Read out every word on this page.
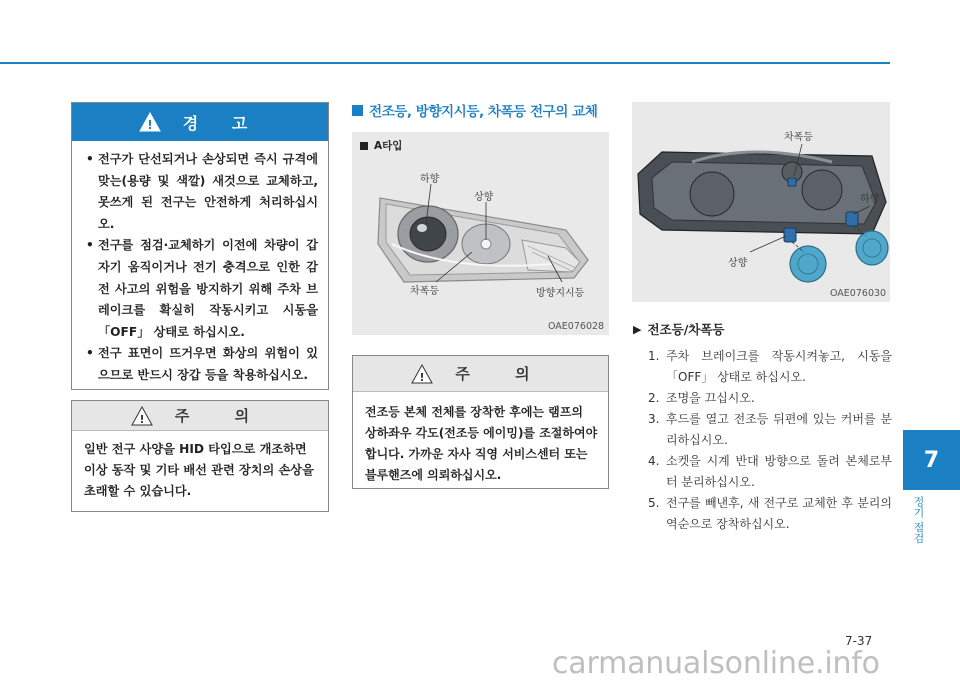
! 경 고
• 전구가 단선되거나 손상되면 즉시 규격에 맞는(용량 및 색깔) 새것으로 교체하고, 못쓰게 된 전구는 안전하게 처리하십시오.
• 전구를 점검·교체하기 이전에 차량이 갑자기 움직이거나 전기 충격으로 인한 감전 사고의 위험을 방지하기 위해 주차 브레이크를 확실히 작동시키고 시동을 「OFF」 상태로 하십시오.
• 전구 표면이 뜨거우면 화상의 위험이 있으므로 반드시 장갑 등을 착용하십시오.
! 주 의
일반 전구 사양을 HID 타입으로 개조하면 이상 동작 및 기타 배선 관련 장치의 손상을 초래할 수 있습니다.
전조등, 방향지시등, 차폭등 전구의 교체
A타입
하향
상향
차폭등	방향지시등
OAE076028
! 주 의
전조등 본체 전체를 장착한 후에는 램프의 상하좌우 각도(전조등 에이밍)를 조절하여야 합니다. 가까운 자사 직영 서비스센터 또는 블루핸즈에 의뢰하십시오.
차폭등
하향
상향
OAE076030
▶ 전조등/차폭등
1. 주차 브레이크를 작동시켜놓고, 시동을 「OFF」 상태로 하십시오.
2. 조명을 끄십시오.
3. 후드를 열고 전조등 뒤편에 있는 커버를 분리하십시오.
4. 소켓을 시계 반대 방향으로 돌려 본체로부터 분리하십시오.
5. 전구를 빼낸후, 새 전구로 교체한 후 분리의 역순으로 장착하십시오.
7
정기 점검
7-37
carmanualsonline.info
